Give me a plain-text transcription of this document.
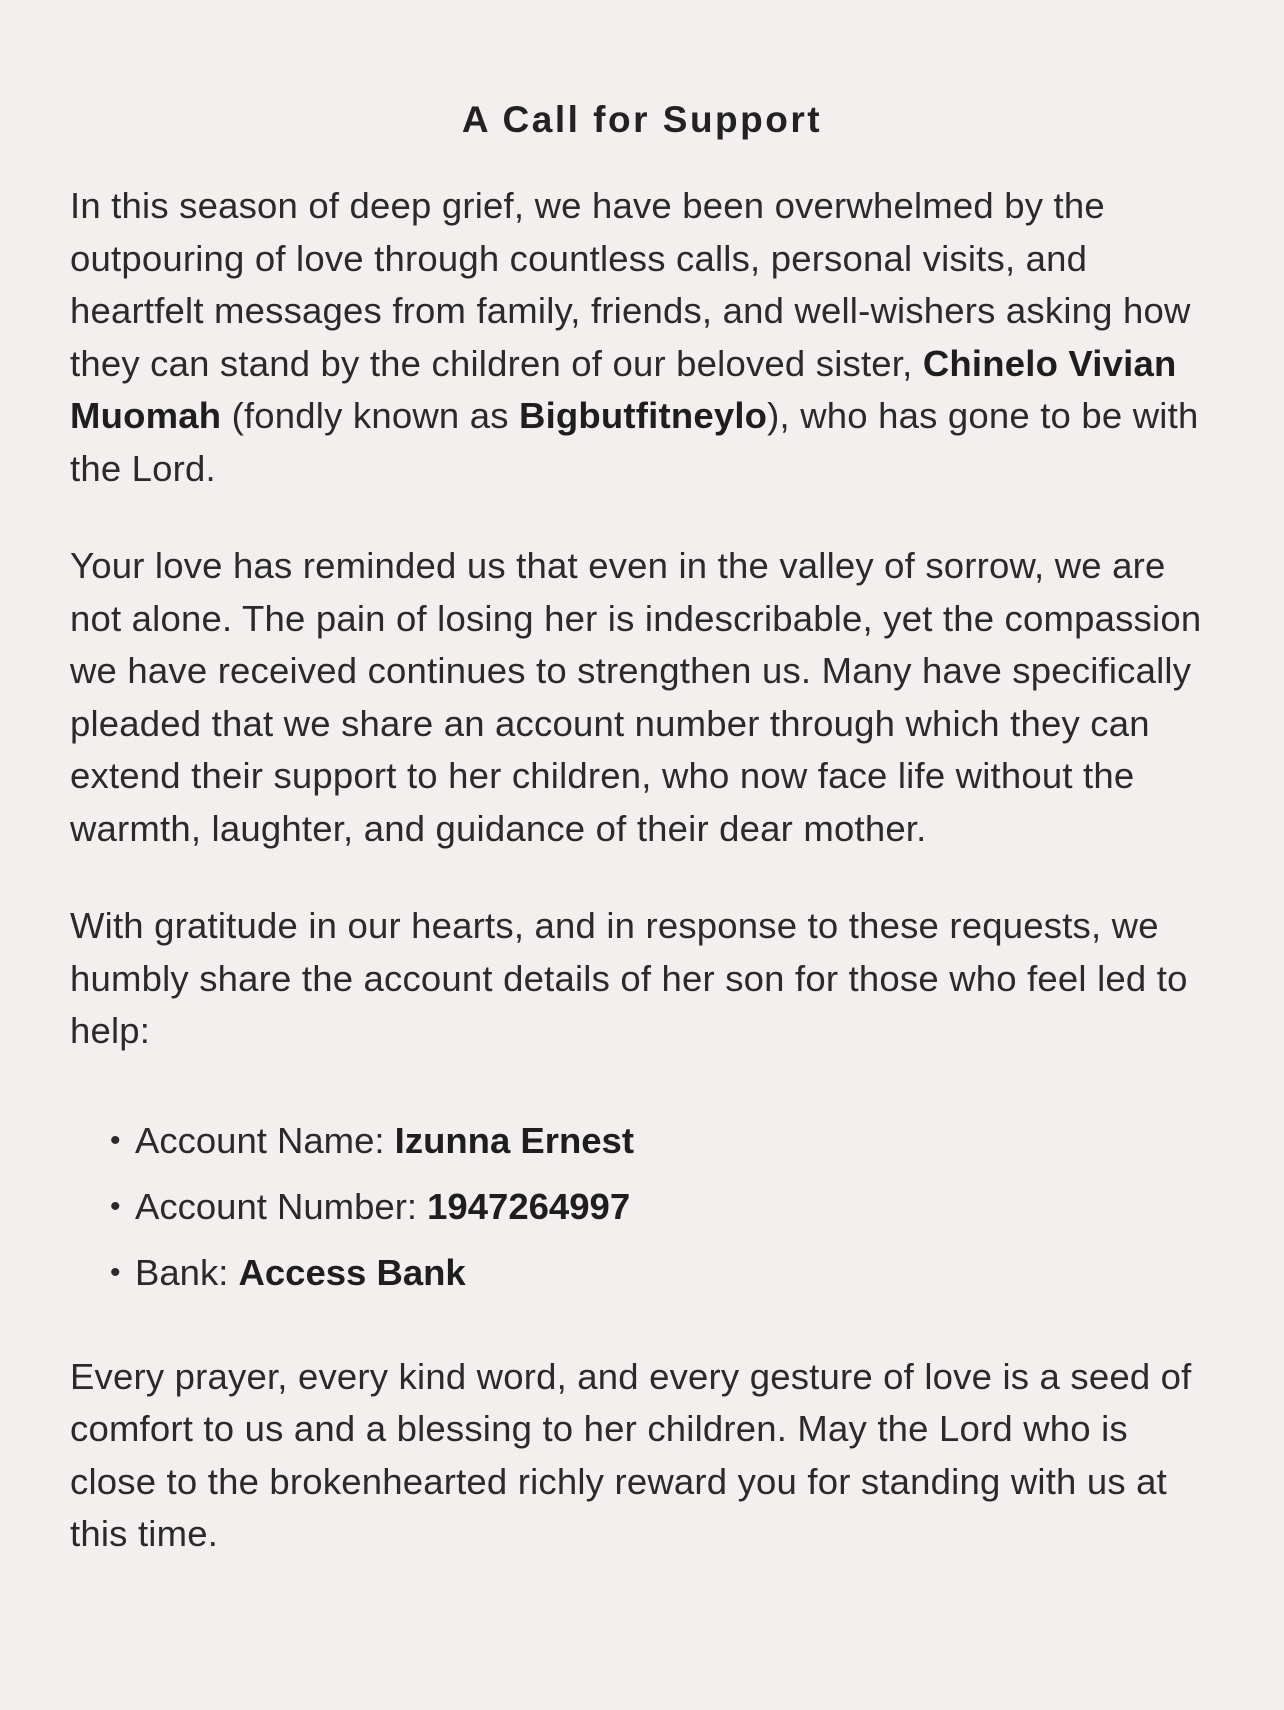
A Call for Support

In this season of deep grief, we have been overwhelmed by the outpouring of love through countless calls, personal visits, and heartfelt messages from family, friends, and well-wishers asking how they can stand by the children of our beloved sister, Chinelo Vivian Muomah (fondly known as Bigbutfitneylo), who has gone to be with the Lord.

Your love has reminded us that even in the valley of sorrow, we are not alone. The pain of losing her is indescribable, yet the compassion we have received continues to strengthen us. Many have specifically pleaded that we share an account number through which they can extend their support to her children, who now face life without the warmth, laughter, and guidance of their dear mother.

With gratitude in our hearts, and in response to these requests, we humbly share the account details of her son for those who feel led to help:

• Account Name: Izunna Ernest
• Account Number: 1947264997
• Bank: Access Bank

Every prayer, every kind word, and every gesture of love is a seed of comfort to us and a blessing to her children. May the Lord who is close to the brokenhearted richly reward you for standing with us at this time.
